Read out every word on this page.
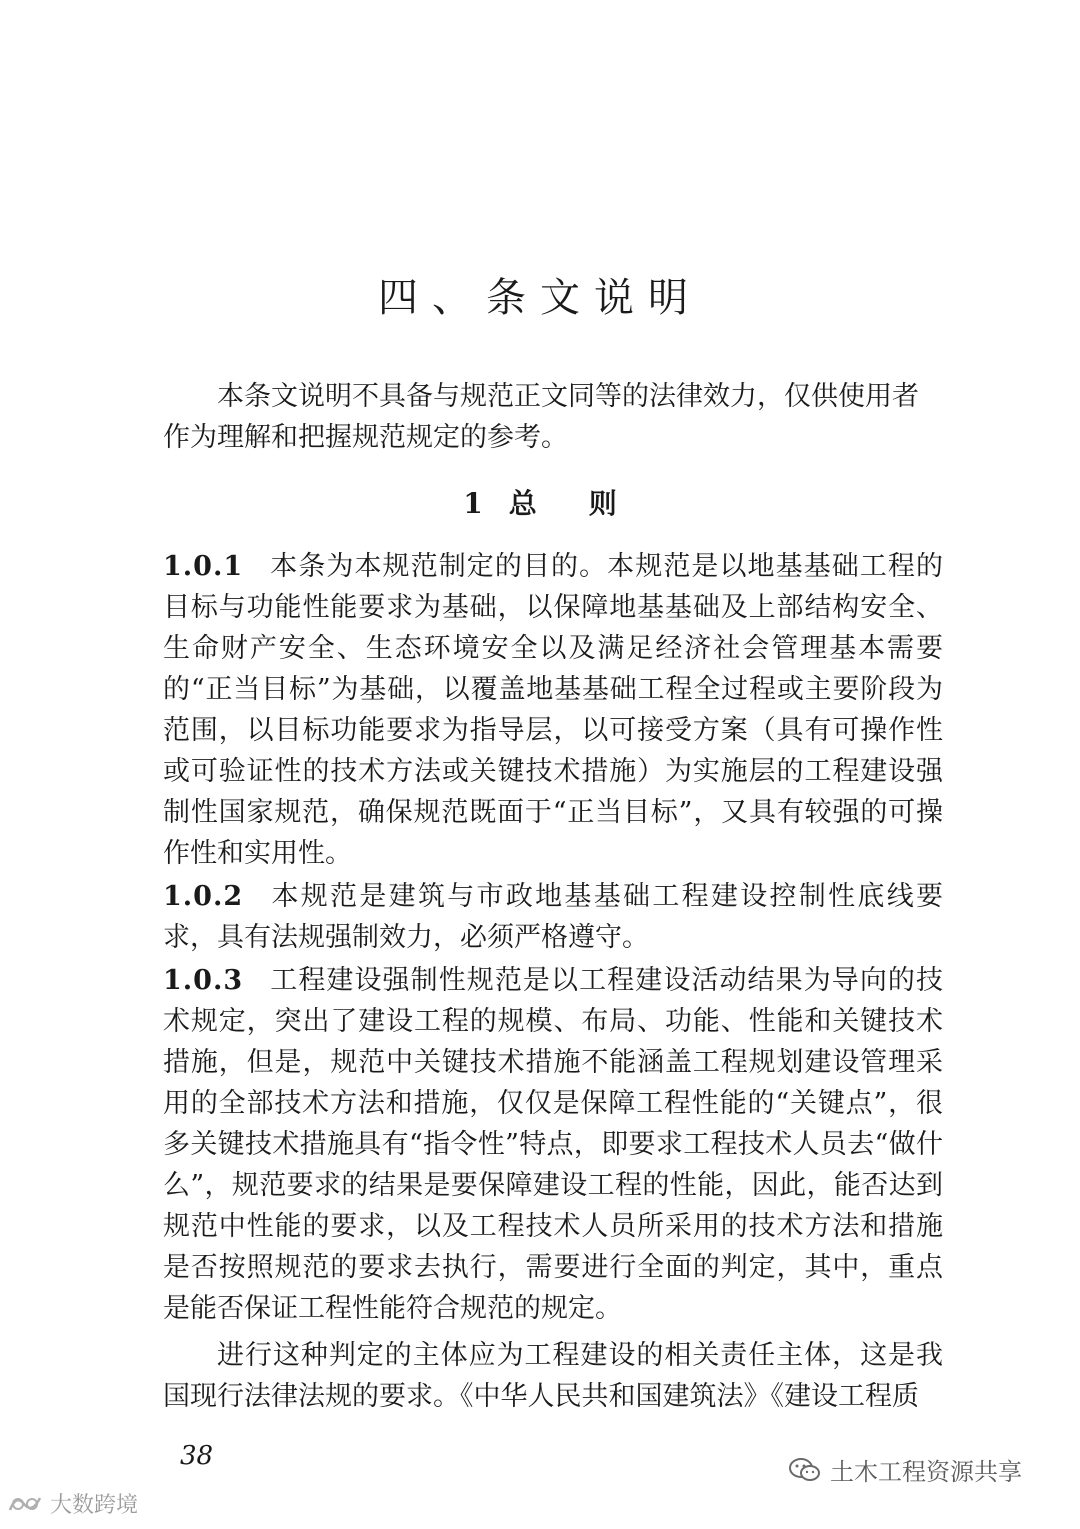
四、条文说明

本条文说明不具备与规范正文同等的法律效力，仅供使用者作为理解和把握规范规定的参考。

1 总 则

1.0.1 本条为本规范制定的目的。本规范是以地基基础工程的目标与功能性能要求为基础，以保障地基基础及上部结构安全、生命财产安全、生态环境安全以及满足经济社会管理基本需要的“正当目标”为基础，以覆盖地基基础工程全过程或主要阶段为范围，以目标功能要求为指导层，以可接受方案（具有可操作性或可验证性的技术方法或关键技术措施）为实施层的工程建设强制性国家规范，确保规范既面于“正当目标”，又具有较强的可操作性和实用性。

1.0.2 本规范是建筑与市政地基基础工程建设控制性底线要求，具有法规强制效力，必须严格遵守。

1.0.3 工程建设强制性规范是以工程建设活动结果为导向的技术规定，突出了建设工程的规模、布局、功能、性能和关键技术措施，但是，规范中关键技术措施不能涵盖工程规划建设管理采用的全部技术方法和措施，仅仅是保障工程性能的“关键点”，很多关键技术措施具有“指令性”特点，即要求工程技术人员去“做什么”，规范要求的结果是要保障建设工程的性能，因此，能否达到规范中性能的要求，以及工程技术人员所采用的技术方法和措施是否按照规范的要求去执行，需要进行全面的判定，其中，重点是能否保证工程性能符合规范的规定。

进行这种判定的主体应为工程建设的相关责任主体，这是我国现行法律法规的要求。《中华人民共和国建筑法》《建设工程质

38
土木工程资源共享
大数跨境
